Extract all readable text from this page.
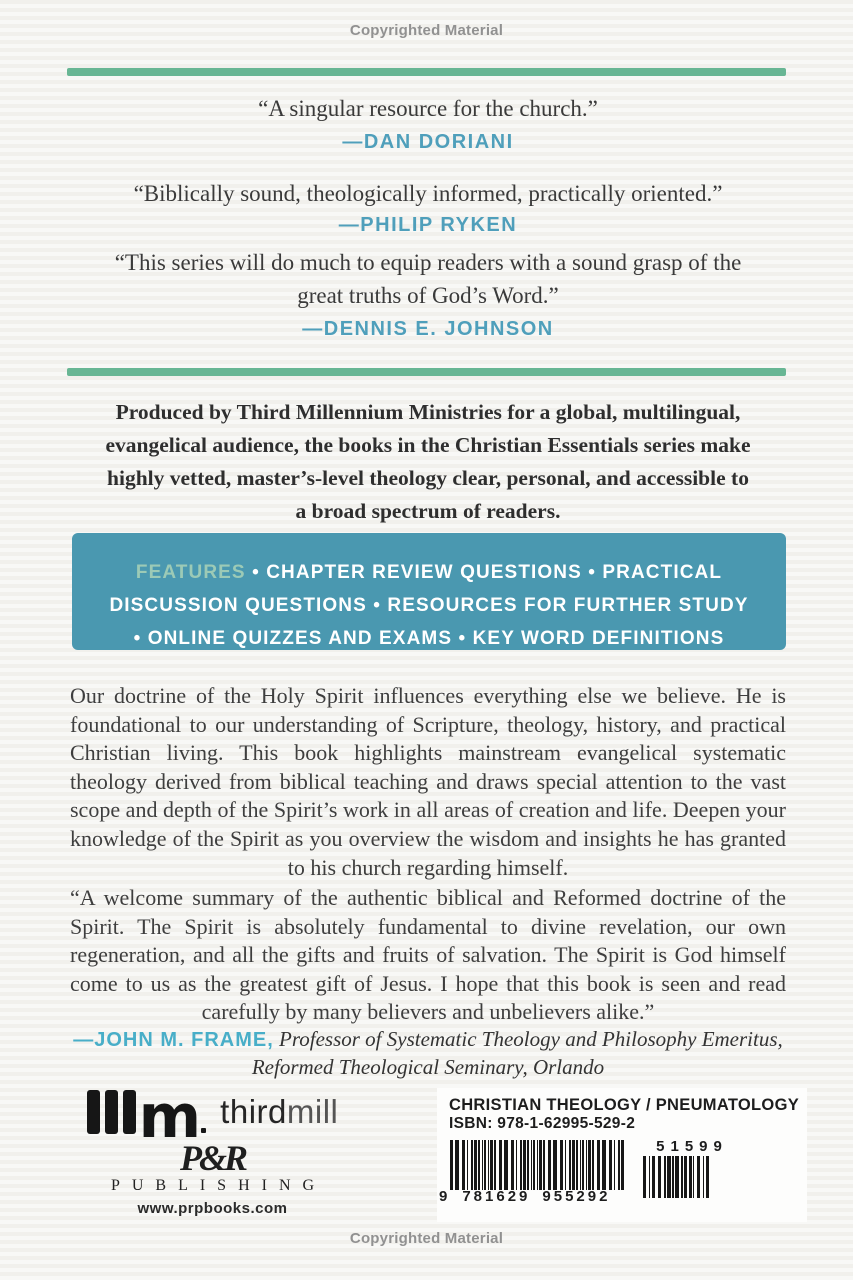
Copyrighted Material
“A singular resource for the church.”
—DAN DORIANI
“Biblically sound, theologically informed, practically oriented.”
—PHILIP RYKEN
“This series will do much to equip readers with a sound grasp of the great truths of God’s Word.”
—DENNIS E. JOHNSON

Produced by Third Millennium Ministries for a global, multilingual, evangelical audience, the books in the Christian Essentials series make highly vetted, master’s-level theology clear, personal, and accessible to a broad spectrum of readers.

FEATURES • CHAPTER REVIEW QUESTIONS • PRACTICAL DISCUSSION QUESTIONS • RESOURCES FOR FURTHER STUDY • ONLINE QUIZZES AND EXAMS • KEY WORD DEFINITIONS

Our doctrine of the Holy Spirit influences everything else we believe. He is foundational to our understanding of Scripture, theology, history, and practical Christian living. This book highlights mainstream evangelical systematic theology derived from biblical teaching and draws special attention to the vast scope and depth of the Spirit’s work in all areas of creation and life. Deepen your knowledge of the Spirit as you overview the wisdom and insights he has granted to his church regarding himself.

“A welcome summary of the authentic biblical and Reformed doctrine of the Spirit. The Spirit is absolutely fundamental to divine revelation, our own regeneration, and all the gifts and fruits of salvation. The Spirit is God himself come to us as the greatest gift of Jesus. I hope that this book is seen and read carefully by many believers and unbelievers alike.”

—JOHN M. FRAME, Professor of Systematic Theology and Philosophy Emeritus,
Reformed Theological Seminary, Orlando
m thirdmill
P&R
PUBLISHING
www.prpbooks.com
CHRISTIAN THEOLOGY / PNEUMATOLOGY
ISBN: 978-1-62995-529-2
9 781629 955292
51599
Copyrighted Material
